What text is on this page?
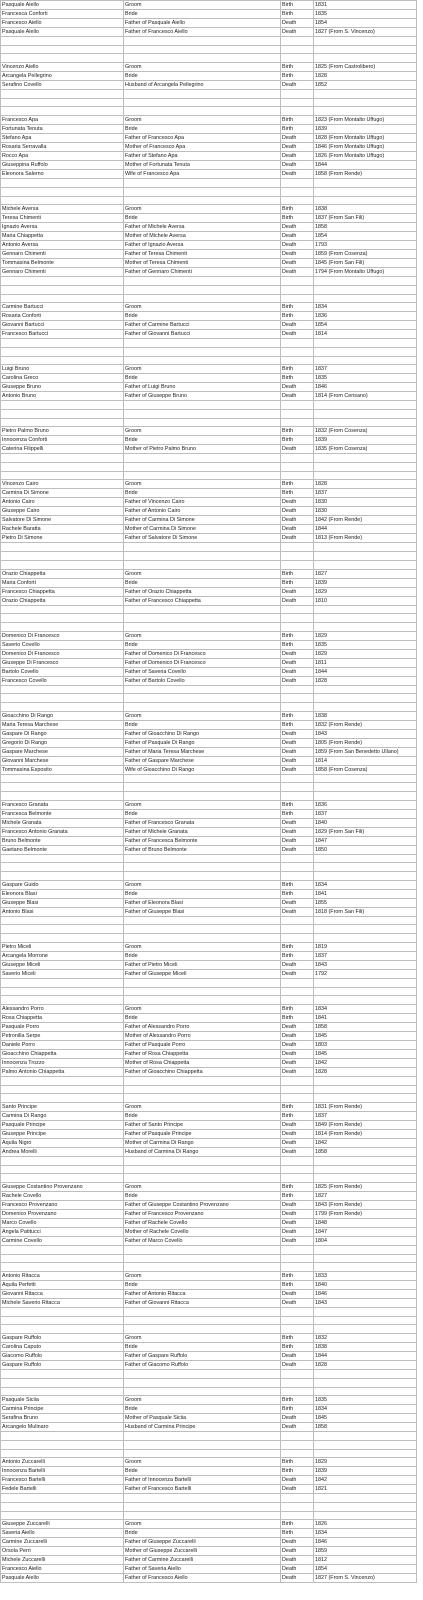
Pasquale Aiello	Groom	Birth	1831
Francesca Conforti	Bride	Birth	1835
Francesco Aiello	Father of Pasquale Aiello	Death	1854
Pasquale Aiello	Father of Francesco Aiello	Death	1827 (From S. Vincenzo)

Vincenzo Aiello	Groom	Birth	1825 (From Castrolibero)
Arcangela Pellegrino	Bride	Birth	1828
Serafino Covello	Husband of Arcangela Pellegrino	Death	1852

Francesco Apa	Groom	Birth	1823 (From Montalto Uffugo)
Fortunata Tenuta	Bride	Birth	1839
Stefano Apa	Father of Francesco Apa	Death	1828 (From Montalto Uffugo)
Rosaria Serravalla	Mother of Francesco Apa	Death	1846 (From Montalto Uffugo)
Rocco Apa	Father of Stefano Apa	Death	1826 (From Montalto Uffugo)
Giuseppina Ruffolo	Mother of Fortunata Tenuta	Death	1844
Eleonora Salerno	Wife of Francesco Apa	Death	1858 (From Rende)

Michele Aversa	Groom	Birth	1838
Teresa Chimenti	Bride	Birth	1837 (From San Fili)
Ignazio Aversa	Father of Michele Aversa	Death	1858
Maria Chiappetta	Mother of Michele Aversa	Death	1854
Antonio Aversa	Father of Ignazio Aversa	Death	1793
Gennaro Chimenti	Father of Teresa Chimenti	Death	1859 (From Cosenza)
Tommasina Belmonte	Mother of Teresa Chimenti	Death	1845 (From San Fili)
Gennaro Chimenti	Father of Gennaro Chimenti	Death	1794 (From Montalto Uffugo)

Carmine Bartucci	Groom	Birth	1834
Rosaria Conforti	Bride	Birth	1836
Giovanni Bartucci	Father of Carmine Bartucci	Death	1854
Francesco Bartucci	Father of Giovanni Bartucci	Death	1814

Luigi Bruno	Groom	Birth	1837
Carolina Greco	Bride	Birth	1835
Giuseppe Bruno	Father of Luigi Bruno	Death	1846
Antonio Bruno	Father of Giuseppe Bruno	Death	1814 (From Cerisano)

Pietro Palmo Bruno	Groom	Birth	1832 (From Cosenza)
Innocenza Conforti	Bride	Birth	1839
Caterina Filippelli	Mother of Pietro Palmo Bruno	Death	1835 (From Cosenza)

Vincenzo Cairo	Groom	Birth	1828
Carmina Di Simone	Bride	Birth	1837
Antonio Cairo	Father of Vincenzo Cairo	Death	1830
Giuseppe Cairo	Father of Antonio Cairo	Death	1830
Salvatore Di Simone	Father of Carmina Di Simone	Death	1842 (From Rende)
Rachele Baratta	Mother of Carmina Di Simone	Death	1844
Pietro Di Simone	Father of Salvatore Di Simone	Death	1813 (From Rende)

Orazio Chiappetta	Groom	Birth	1827
Maria Conforti	Bride	Birth	1839
Francesco Chiappetta	Father of Orazio Chiappetta	Death	1829
Orazio Chiappetta	Father of Francesco Chiappetta	Death	1810

Domenico Di Francesco	Groom	Birth	1829
Saverio Covello	Bride	Birth	1835
Domenico Di Francesco	Father of Domenico Di Francesco	Death	1829
Giuseppe Di Francesco	Father of Domenico Di Francesco	Death	1811
Bartolo Covello	Father of Saveria Covello	Death	1844
Francesco Covello	Father of Bartolo Covello	Death	1828

Gioacchino Di Rango	Groom	Birth	1838
Maria Teresa Marchese	Bride	Birth	1832 (From Rende)
Gaspare Di Rango	Father of Gioacchino Di Rango	Death	1843
Gregorio Di Rango	Father of Pasquale Di Rango	Death	1805 (From Rende)
Gaspare Marchese	Father of Maria Teresa Marchese	Death	1859 (From San Benedetto Ullano)
Giovanni Marchese	Father of Gaspare Marchese	Death	1814
Tommasina Esposito	Wife of Gioacchino Di Rango	Death	1858 (From Cosenza)

Francesco Granata	Groom	Birth	1836
Francesca Belmonte	Bride	Birth	1837
Michele Granata	Father of Francesco Granata	Death	1840
Francesco Antonio Granata	Father of Michele Granata	Death	1829 (From San Fili)
Bruno Belmonte	Father of Francesca Belmonte	Death	1847
Gaetano Belmonte	Father of Bruno Belmonte	Death	1850

Gaspare Guido	Groom	Birth	1834
Eleonora Blasi	Bride	Birth	1841
Giuseppe Blasi	Father of Eleonora Blasi	Death	1855
Antonio Blasi	Father of Giuseppe Blasi	Death	1818 (From San Fili)

Pietro Miceli	Groom	Birth	1819
Arcangela Morrone	Bride	Birth	1837
Giuseppe Miceli	Father of Pietro Miceli	Death	1843
Saverio Miceli	Father of Giuseppe Miceli	Death	1792

Alessandro Porro	Groom	Birth	1834
Rosa Chiappetta	Bride	Birth	1841
Pasquale Porro	Father of Alessandro Porro	Death	1858
Petronilla Serpe	Mother of Alessandro Porro	Death	1845
Daniele Porro	Father of Pasquale Porro	Death	1803
Gioacchino Chiappetta	Father of Rosa Chiappetta	Death	1845
Innocenza Trozzo	Mother of Rosa Chiappetta	Death	1842
Palmo Antonio Chiappetta	Father of Gioacchino Chiappetta	Death	1828

Santo Principe	Groom	Birth	1831 (From Rende)
Carmina Di Rango	Bride	Birth	1837
Pasquale Principe	Father of Santo Principe	Death	1849 (From Rende)
Giuseppe Principe	Father of Pasquale Principe	Death	1814 (From Rende)
Aquila Nigro	Mother of Carmina Di Rango	Death	1842
Andrea Morelli	Husband of Carmina Di Rango	Death	1858

Giuseppe Costantino Provenzano	Groom	Birth	1825 (From Rende)
Rachele Covello	Bride	Birth	1827
Francesco Provenzano	Father of Giuseppe Costantino Provenzano	Death	1843 (From Rende)
Domenico Provenzano	Father of Francesco Provenzano	Death	1799 (From Rende)
Marco Covello	Father of Rachele Covello	Death	1848
Angela Patitucci	Mother of Rachele Covello	Death	1847
Carmine Covello	Father of Marco Covello	Death	1804

Antonio Ritacca	Groom	Birth	1833
Aquila Perfetti	Bride	Birth	1840
Giovanni Ritacca	Father of Antonio Ritacca	Death	1846
Michele Saverio Ritacca	Father of Giovanni Ritacca	Death	1843

Gaspare Ruffolo	Groom	Birth	1832
Carolina Caputo	Bride	Birth	1838
Giacomo Ruffolo	Father of Gaspare Ruffolo	Death	1844
Gaspare Ruffolo	Father of Giacomo Ruffolo	Death	1828

Pasquale Siciia	Groom	Birth	1835
Carmina Principe	Bride	Birth	1834
Serafina Bruno	Mother of Pasquale Siciia	Death	1845
Arcangelo Mulinaro	Husband of Carmina Principe	Death	1858

Antonio Zuccarelli	Groom	Birth	1829
Innocenza Bartelli	Bride	Birth	1839
Francesco Bartelli	Father of Innocenza Bartelli	Death	1842
Fedele Bartelli	Father of Francesco Bartelli	Death	1821

Giuseppe Zuccarelli	Groom	Birth	1826
Saveria Aiello	Bride	Birth	1834
Carmine Zuccarelli	Father of Giuseppe Zuccarelli	Death	1846
Orsola Perri	Mother of Giuseppe Zuccarelli	Death	1859
Michele Zuccarelli	Father of Carmine Zuccarelli	Death	1812
Francesco Aiello	Father of Saveria Aiello	Death	1854
Pasquale Aiello	Father of Francesco Aiello	Death	1827 (From S. Vincenzo)
